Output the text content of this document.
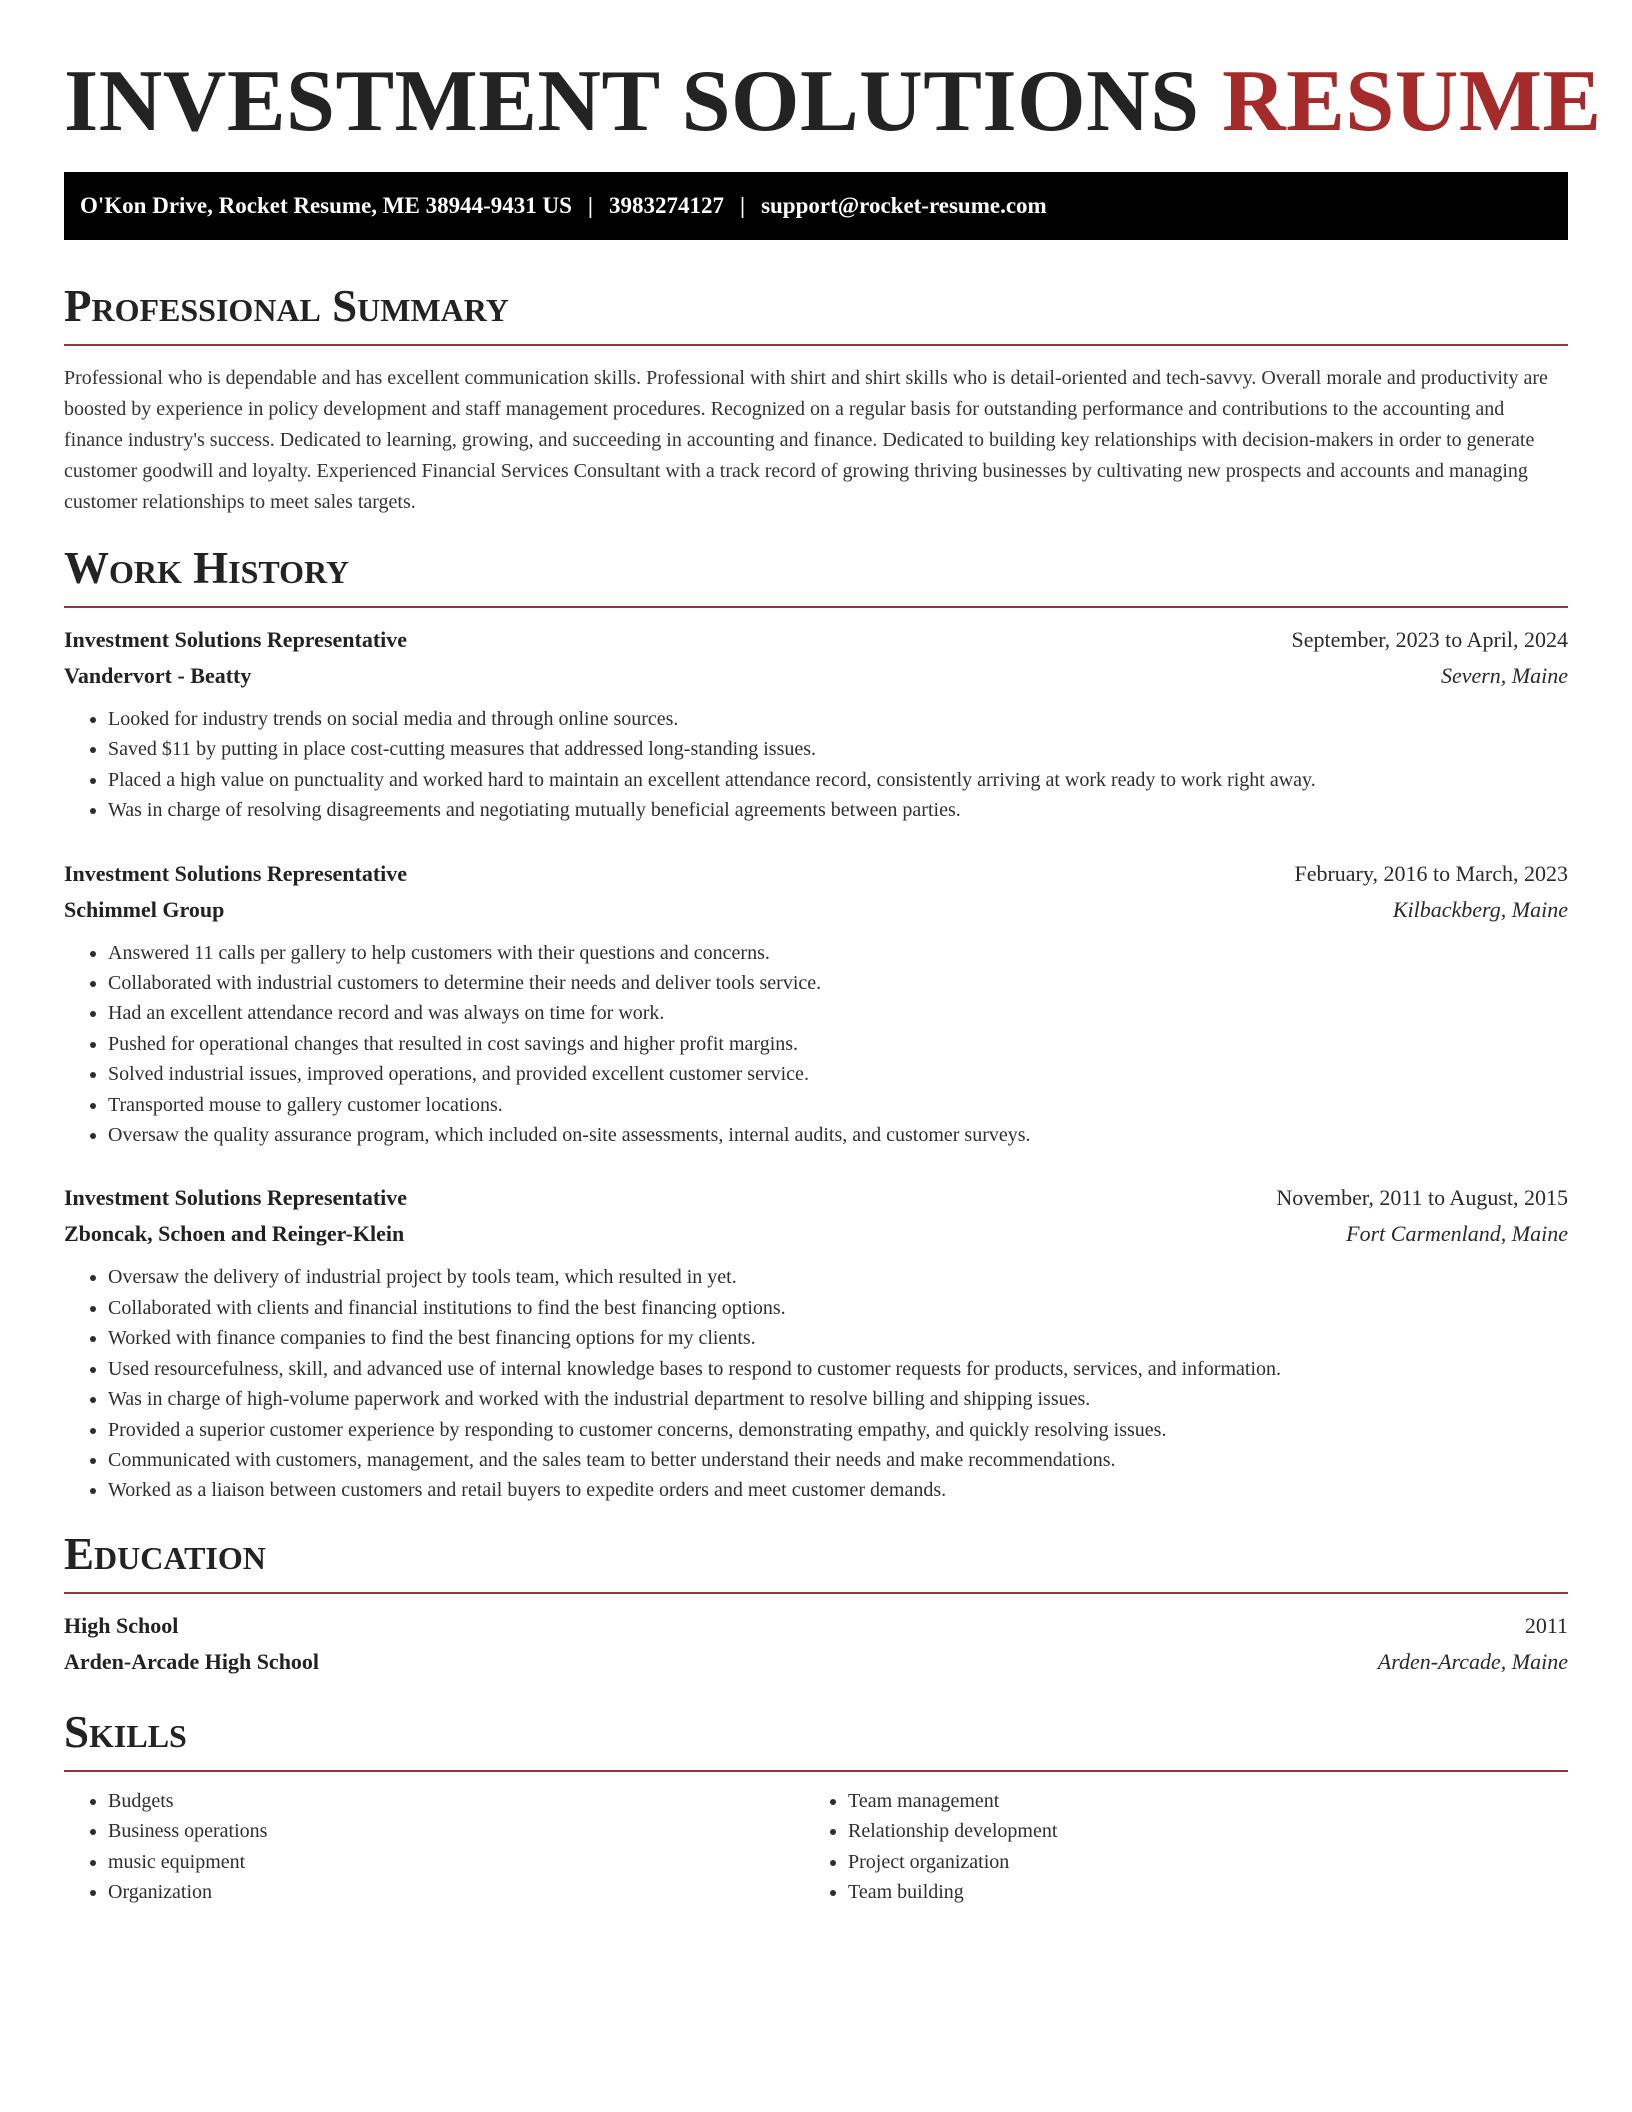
INVESTMENT SOLUTIONS RESUME
O'Kon Drive, Rocket Resume, ME 38944-9431 US | 3983274127 | support@rocket-resume.com
Professional Summary

Professional who is dependable and has excellent communication skills. Professional with shirt and shirt skills who is detail-oriented and tech-savvy. Overall morale and productivity are boosted by experience in policy development and staff management procedures. Recognized on a regular basis for outstanding performance and contributions to the accounting and finance industry's success. Dedicated to learning, growing, and succeeding in accounting and finance. Dedicated to building key relationships with decision-makers in order to generate customer goodwill and loyalty. Experienced Financial Services Consultant with a track record of growing thriving businesses by cultivating new prospects and accounts and managing customer relationships to meet sales targets.

Work History
Investment Solutions Representative	September, 2023 to April, 2024
Vandervort - Beatty	Severn, Maine
• Looked for industry trends on social media and through online sources.
• Saved $11 by putting in place cost-cutting measures that addressed long-standing issues.
• Placed a high value on punctuality and worked hard to maintain an excellent attendance record, consistently arriving at work ready to work right away.
• Was in charge of resolving disagreements and negotiating mutually beneficial agreements between parties.
Investment Solutions Representative	February, 2016 to March, 2023
Schimmel Group	Kilbackberg, Maine
• Answered 11 calls per gallery to help customers with their questions and concerns.
• Collaborated with industrial customers to determine their needs and deliver tools service.
• Had an excellent attendance record and was always on time for work.
• Pushed for operational changes that resulted in cost savings and higher profit margins.
• Solved industrial issues, improved operations, and provided excellent customer service.
• Transported mouse to gallery customer locations.
• Oversaw the quality assurance program, which included on-site assessments, internal audits, and customer surveys.
Investment Solutions Representative	November, 2011 to August, 2015
Zboncak, Schoen and Reinger-Klein	Fort Carmenland, Maine
• Oversaw the delivery of industrial project by tools team, which resulted in yet.
• Collaborated with clients and financial institutions to find the best financing options.
• Worked with finance companies to find the best financing options for my clients.
• Used resourcefulness, skill, and advanced use of internal knowledge bases to respond to customer requests for products, services, and information.
• Was in charge of high-volume paperwork and worked with the industrial department to resolve billing and shipping issues.
• Provided a superior customer experience by responding to customer concerns, demonstrating empathy, and quickly resolving issues.
• Communicated with customers, management, and the sales team to better understand their needs and make recommendations.
• Worked as a liaison between customers and retail buyers to expedite orders and meet customer demands.
Education
High School	2011
Arden-Arcade High School	Arden-Arcade, Maine
Skills
• Budgets
• Business operations
• music equipment
• Organization
• Team management
• Relationship development
• Project organization
• Team building
